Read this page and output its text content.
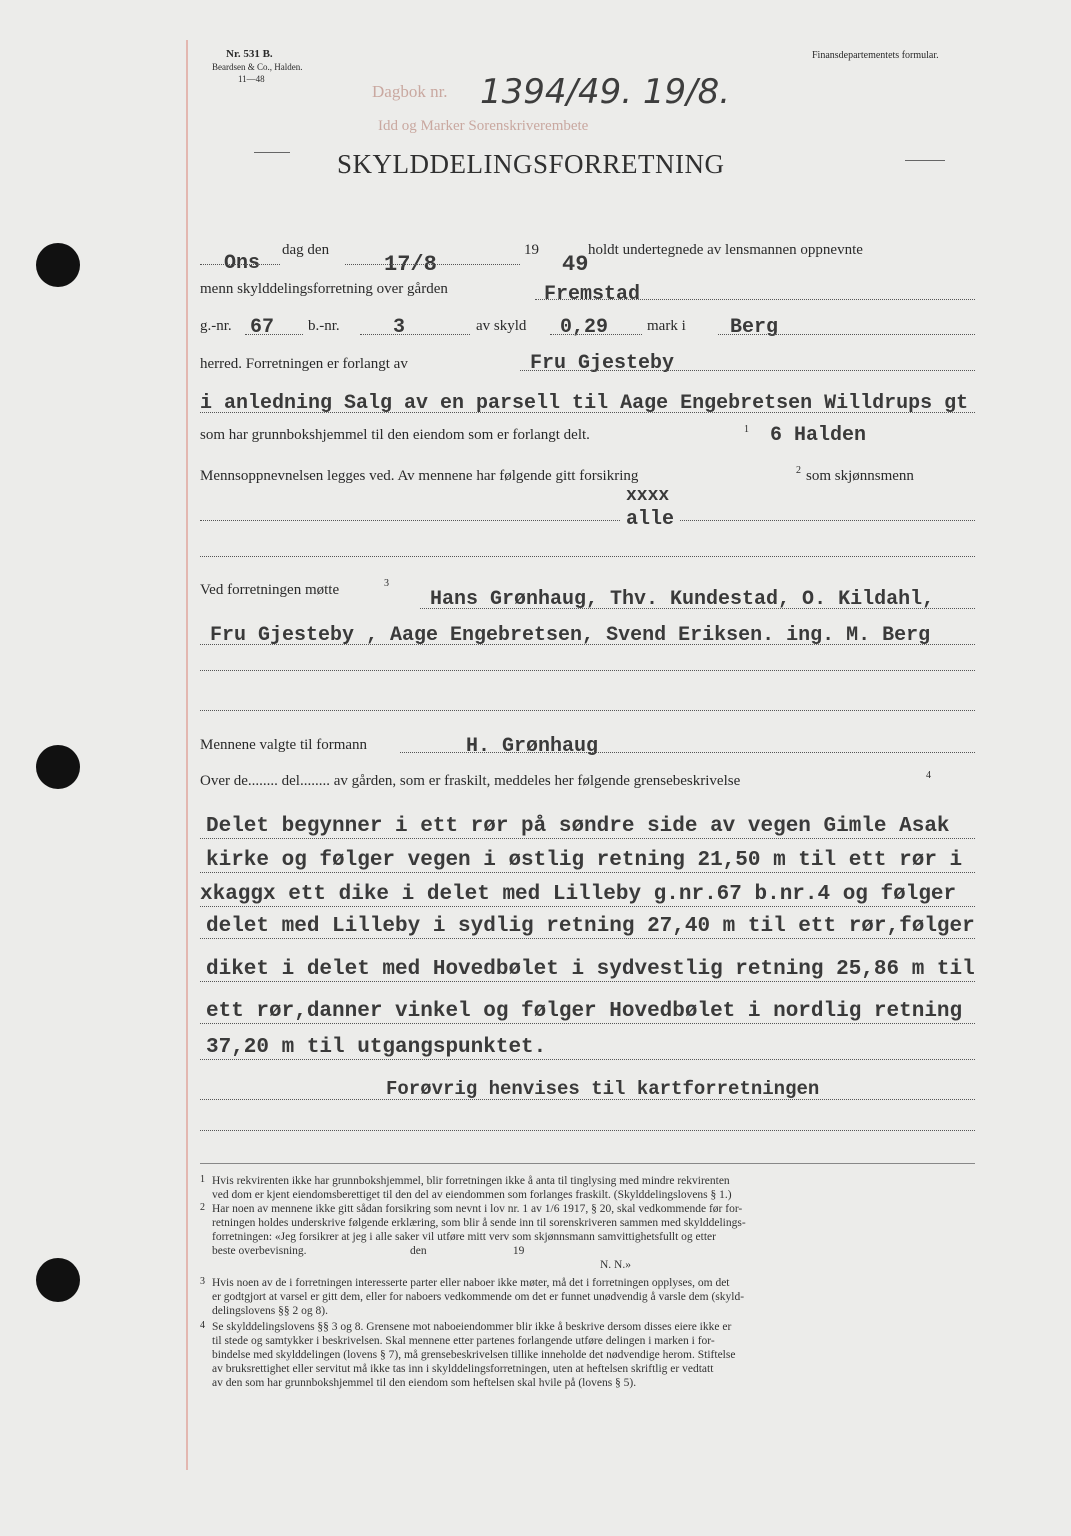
Nr. 531 B.
Beardsen & Co., Halden.
11—48
Finansdepartementets formular.
Dagbok nr. 1394/49. 19/8.
Idd og Marker Sorenskriverembete
SKYLDDELINGSFORRETNING
Ons
dag den
17/8
19
49
holdt undertegnede av lensmannen oppnevnte
menn skylddelingsforretning over gården	Fremstad
g.-nr. 67 b.-nr.	3	av skyld 0,29	mark i Berg
herred. Forretningen er forlangt av	Fru Gjesteby
i anledning Salg av en parsell til Aage Engebretsen Willdrups gt
som har grunnbokshjemmel til den eiendom som er forlangt delt.	1 6 Halden
Mennsoppnevnelsen legges ved. Av mennene har følgende gitt forsikring	2 som skjønnsmenn
xxxx
alle
Ved forretningen møtte	3
Hans Grønhaug, Thv. Kundestad, O. Kildahl,
Fru Gjesteby , Aage Engebretsen, Svend Eriksen. ing. M. Berg
Mennene valgte til formann	H. Grønhaug
Over de........ del........ av gården, som er fraskilt, meddeles her følgende grensebeskrivelse	4
Delet begynner i ett rør på søndre side av vegen Gimle Asak
kirke og følger vegen i østlig retning 21,50 m til ett rør i
xkaggx ett dike i delet med Lilleby g.nr.67 b.nr.4 og følger
delet med Lilleby i sydlig retning 27,40 m til ett rør,følger
diket i delet med Hovedbølet i sydvestlig retning 25,86 m til
ett rør,danner vinkel og følger Hovedbølet i nordlig retning
37,20 m til utgangspunktet.
Forøvrig henvises til kartforretningen
1 Hvis rekvirenten ikke har grunnbokshjemmel, blir forretningen ikke å anta til tinglysing med mindre rekvirenten
ved dom er kjent eiendomsberettiget til den del av eiendommen som forlanges fraskilt. (Skylddelingslovens § 1.)
2 Har noen av mennene ikke gitt sådan forsikring som nevnt i lov nr. 1 av 1/6 1917, § 20, skal vedkommende før for-
retningen holdes underskrive følgende erklæring, som blir å sende inn til sorenskriveren sammen med skylddelings-
forretningen: «Jeg forsikrer at jeg i alle saker vil utføre mitt verv som skjønnsmann samvittighetsfullt og etter
beste overbevisning.                                    den                              19
N. N.»
3 Hvis noen av de i forretningen interesserte parter eller naboer ikke møter, må det i forretningen opplyses, om det
er godtgjort at varsel er gitt dem, eller for naboers vedkommende om det er funnet unødvendig å varsle dem (skyld-
delingslovens §§ 2 og 8).
4 Se skylddelingslovens §§ 3 og 8. Grensene mot naboeiendommer blir ikke å beskrive dersom disses eiere ikke er
til stede og samtykker i beskrivelsen. Skal mennene etter partenes forlangende utføre delingen i marken i for-
bindelse med skylddelingen (lovens § 7), må grensebeskrivelsen tillike inneholde det nødvendige herom. Stiftelse
av bruksrettighet eller servitut må ikke tas inn i skylddelingsforretningen, uten at heftelsen skriftlig er vedtatt
av den som har grunnbokshjemmel til den eiendom som heftelsen skal hvile på (lovens § 5).
